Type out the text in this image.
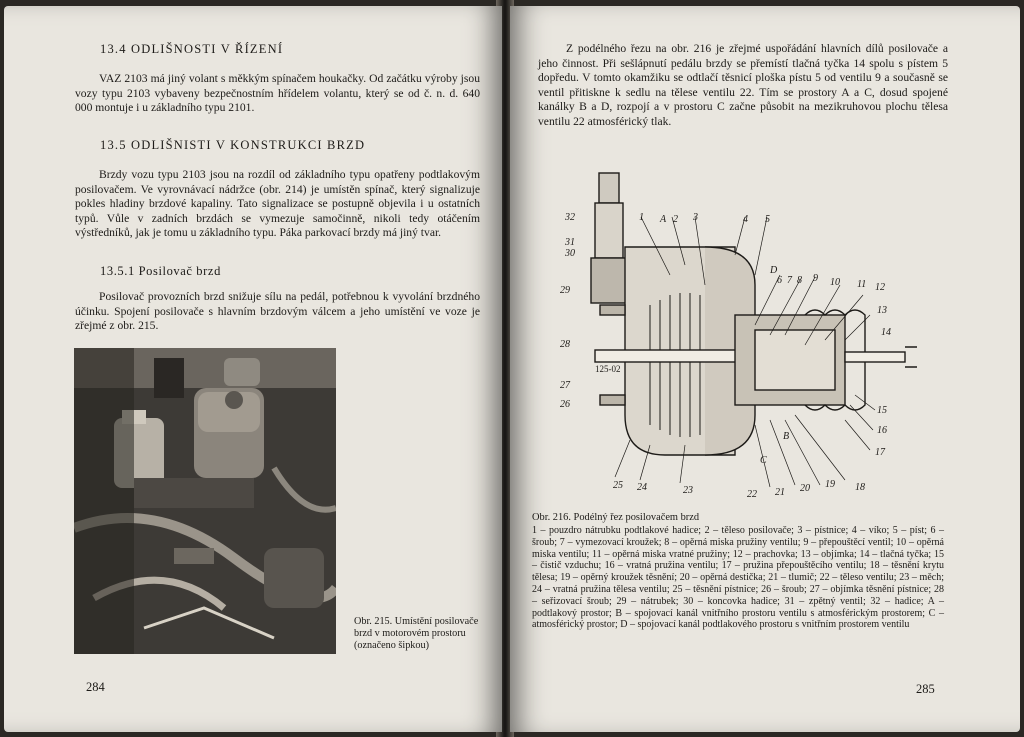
13.4 ODLIŠNOSTI V ŘÍZENÍ
VAZ 2103 má jiný volant s měkkým spínačem houkačky. Od začátku výroby jsou vozy typu 2103 vybaveny bezpečnostním hřídelem volantu, který se od č. n. d. 640 000 montuje i u základního typu 2101.
13.5 ODLIŠNISTI V KONSTRUKCI BRZD
Brzdy vozu typu 2103 jsou na rozdíl od základního typu opatřeny podtlakovým posilovačem. Ve vyrovnávací nádržce (obr. 214) je umístěn spínač, který signalizuje pokles hladiny brzdové kapaliny. Tato signalizace se postupně objevila i u ostatních typů. Vůle v zadních brzdách se vymezuje samočinně, nikoli tedy otáčením výstředníků, jak je tomu u základního typu. Páka parkovací brzdy má jiný tvar.
13.5.1 Posilovač brzd
Posilovač provozních brzd snižuje sílu na pedál, potřebnou k vyvolání brzdného účinku. Spojení posilovače s hlavním brzdovým válcem a jeho umístění ve voze je zřejmé z obr. 215.
Obr. 215. Umístění posilovače brzd v motorovém prostoru (označeno šipkou)
284
Z podélného řezu na obr. 216 je zřejmé uspořádání hlavních dílů posilovače a jeho činnost. Při sešlápnutí pedálu brzdy se přemístí tlačná tyčka 14 spolu s pístem 5 dopředu. V tomto okamžiku se odtlačí těsnicí ploška pístu 5 od ventilu 9 a současně se ventil přitiskne k sedlu na tělese ventilu 22. Tím se prostory A a C, dosud spojené kanálky B a D, rozpojí a v prostoru C začne působit na mezikruhovou plochu tělesa ventilu 22 atmosférický tlak.
32
31
30
29
28
27
26
1 A 2 3	4 5
D
6 7 8 9 10 11 12
13
14
15
16
17
18
19
20
21
22
23
24
25
B
C
125-02
Obr. 216. Podélný řez posilovačem brzd
1 – pouzdro nátrubku podtlakové hadice; 2 – těleso posilovače; 3 – pístnice; 4 – víko; 5 – píst; 6 – šroub; 7 – vymezovací kroužek; 8 – opěrná miska pružiny ventilu; 9 – přepouštěcí ventil; 10 – opěrná miska ventilu; 11 – opěrná miska vratné pružiny; 12 – prachovka; 13 – objímka; 14 – tlačná tyčka; 15 – čistič vzduchu; 16 – vratná pružina ventilu; 17 – pružina přepouštěcího ventilu; 18 – těsnění krytu tělesa; 19 – opěrný kroužek těsnění; 20 – opěrná destička; 21 – tlumič; 22 – těleso ventilu; 23 – měch; 24 – vratná pružina tělesa ventilu; 25 – těsnění pístnice; 26 – šroub; 27 – objímka těsnění pístnice; 28 – seřizovací šroub; 29 – nátrubek; 30 – koncovka hadice; 31 – zpětný ventil; 32 – hadice; A – podtlakový prostor; B – spojovací kanál vnitřního prostoru ventilu s atmosférickým prostorem; C – atmosférický prostor; D – spojovací kanál podtlakového prostoru s vnitřním prostorem ventilu
285
